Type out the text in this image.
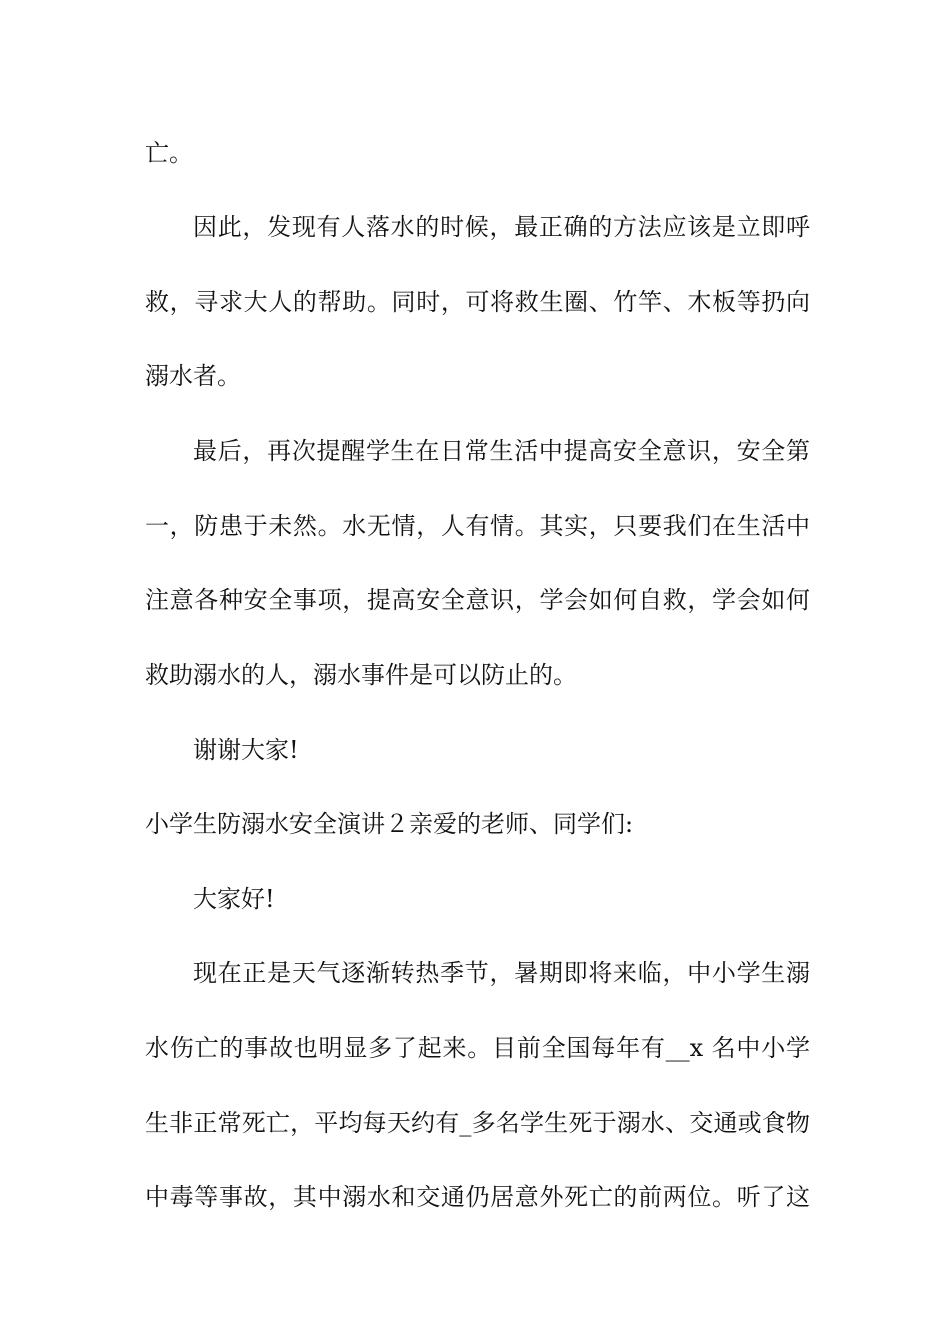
亡。
因此，发现有人落水的时候，最正确的方法应该是立即呼
救，寻求大人的帮助。同时，可将救生圈、竹竿、木板等扔向
溺水者。
最后，再次提醒学生在日常生活中提高安全意识，安全第
一，防患于未然。水无情，人有情。其实，只要我们在生活中
注意各种安全事项，提高安全意识，学会如何自救，学会如何
救助溺水的人，溺水事件是可以防止的。
谢谢大家!
小学生防溺水安全演讲２亲爱的老师、同学们:
大家好!
现在正是天气逐渐转热季节，暑期即将来临，中小学生溺
水伤亡的事故也明显多了起来。目前全国每年有__x 名中小学
生非正常死亡，平均每天约有_多名学生死于溺水、交通或食物
中毒等事故，其中溺水和交通仍居意外死亡的前两位。听了这
